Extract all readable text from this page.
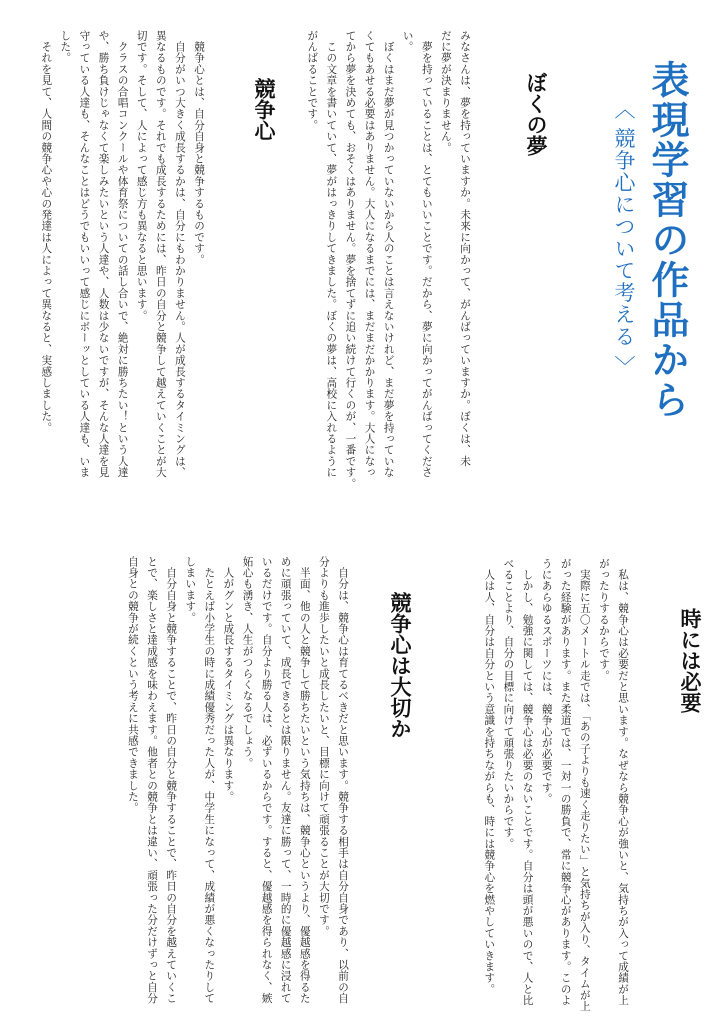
表現学習の作品から
〈 競争心について考える 〉
ぼくの夢

みなさんは、夢を持っていますか。未来に向かって、がんばっていますか。ぼくは、未
だに夢が決まりません。
　夢を持っていることは、とてもいいことです。だから、夢に向かってがんばってくださ
い。
　ぼくはまだ夢が見つかっていないから人のことは言えないけれど、まだ夢を持っていな
くてもあせる必要はありません。大人になるまでには、まだまだかかります。大人になっ
てから夢を決めても、おそくはありません。夢を捨てずに追い続けて行くのが、一番です。
　この文章を書いていて、夢がはっきりしてきました。ぼくの夢は、高校に入れるように
がんばることです。

競争心

　競争心とは、自分自身と競争するものです。
　自分がいつ大きく成長するかは、自分にもわかりません。人が成長するタイミングは、
異なるものです。それでも成長するためには、昨日の自分と競争して越えていくことが大
切です。そして、人によって感じ方も異なると思います。
　クラスの合唱コンクールや体育祭についての話し合いで、絶対に勝ちたい！という人達
や、勝ち負けじゃなくて楽しみたいという人達や、人数は少ないですが、そんな人達を見
守っている人達も、そんなことはどうでもいいって感じにボーッとしている人達も、いま
した。
　それを見て、人間の競争心や心の発達は人によって異なると、実感しました。

時には必要

　私は、競争心は必要だと思います。なぜなら競争心が強いと、気持ちが入って成績が上
がったりするからです。
　実際に五〇メートル走では、「あの子よりも速く走りたい」と気持ちが入り、タイムが上
がった経験があります。また柔道では、一対一の勝負で、常に競争心があります。このよ
うにあらゆるスポーツには、競争心が必要です。
　しかし、勉強に関しては、競争心は必要のないことです。自分は頭が悪いので、人と比
べることより、自分の目標に向けて頑張りたいからです。
　人は人、自分は自分という意識を持ちながらも、時には競争心を燃やしていきます。

競争心は大切か

　自分は、競争心は育てるべきだと思います。競争する相手は自分自身であり、以前の自
分よりも進歩したいと成長したいと、目標に向けて頑張ることが大切です。
　半面、他の人と競争して勝ちたいという気持ちは、競争心というより、優越感を得るた
めに頑張っていて、成長できるとは限りません。友達に勝って、一時的に優越感に浸れて
いるだけです。自分より勝る人は、必ずいるからです。すると、優越感を得られなく、嫉
妬心も湧き、人生がつらくなるでしょう。
　人がグンと成長するタイミングは異なります。
　たとえば小学生の時に成績優秀だった人が、中学生になって、成績が悪くなったりして
しまいます。
　自分自身と競争することで、昨日の自分と競争することで、昨日の自分を越えていくこ
とで、楽しさと達成感を味わえます。他者との競争とは違い、頑張った分だけずっと自分
自身との競争が続くという考えに共感できました。
